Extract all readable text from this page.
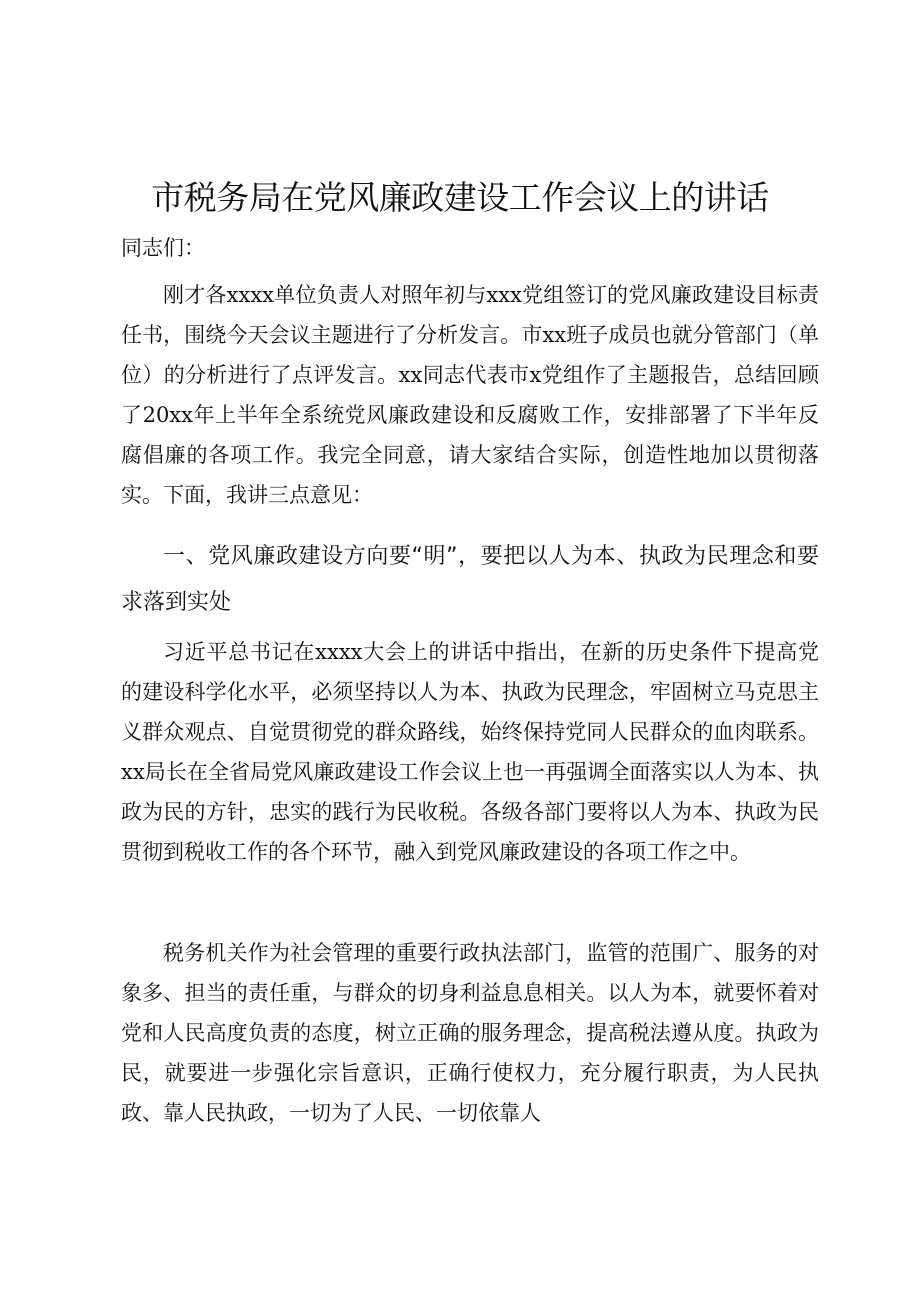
市税务局在党风廉政建设工作会议上的讲话

同志们：

刚才各xxxx单位负责人对照年初与xxx党组签订的党风廉政建设目标责任书，围绕今天会议主题进行了分析发言。市xx班子成员也就分管部门（单位）的分析进行了点评发言。xx同志代表市x党组作了主题报告，总结回顾了20xx年上半年全系统党风廉政建设和反腐败工作，安排部署了下半年反腐倡廉的各项工作。我完全同意，请大家结合实际，创造性地加以贯彻落实。下面，我讲三点意见：

一、党风廉政建设方向要“明”，要把以人为本、执政为民理念和要求落到实处

习近平总书记在xxxx大会上的讲话中指出，在新的历史条件下提高党的建设科学化水平，必须坚持以人为本、执政为民理念，牢固树立马克思主义群众观点、自觉贯彻党的群众路线，始终保持党同人民群众的血肉联系。xx局长在全省局党风廉政建设工作会议上也一再强调全面落实以人为本、执政为民的方针，忠实的践行为民收税。各级各部门要将以人为本、执政为民贯彻到税收工作的各个环节，融入到党风廉政建设的各项工作之中。

税务机关作为社会管理的重要行政执法部门，监管的范围广、服务的对象多、担当的责任重，与群众的切身利益息息相关。以人为本，就要怀着对党和人民高度负责的态度，树立正确的服务理念，提高税法遵从度。执政为民，就要进一步强化宗旨意识，正确行使权力，充分履行职责，为人民执政、靠人民执政，一切为了人民、一切依靠人
